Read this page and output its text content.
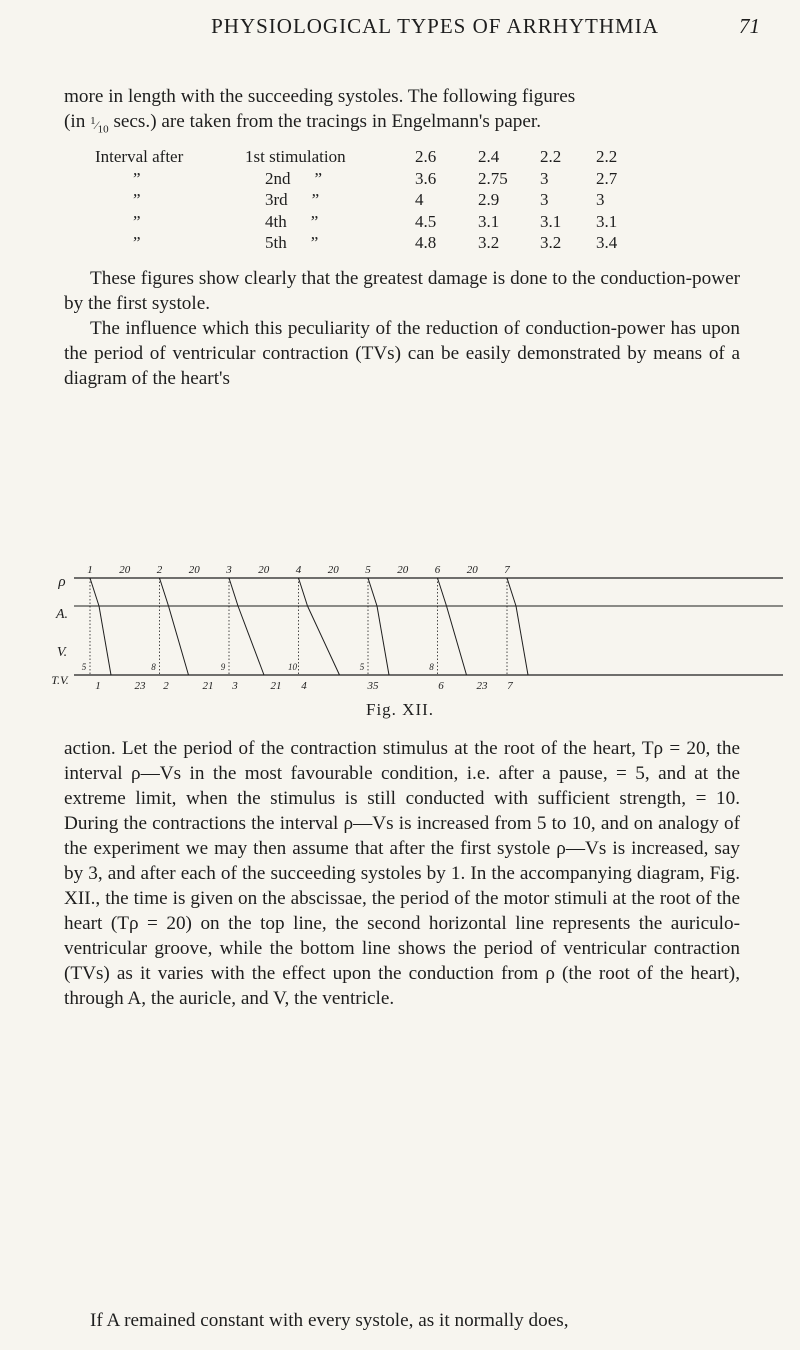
PHYSIOLOGICAL TYPES OF ARRHYTHMIA	71

more in length with the succeeding systoles. The following figures

(in $^1⁄_{10}$ secs.) are taken from the tracings in Engelmann's paper.

Interval after	1st stimulation	2.6	2.4	2.2	2.2
”	2nd ”	3.6	2.75	3	2.7
”	3rd ”	4	2.9	3	3
”	4th ”	4.5	3.1	3.1	3.1
”	5th ”	4.8	3.2	3.2	3.4

These figures show clearly that the greatest damage is done to the conduction-power by the first systole.

The influence which this peculiarity of the reduction of conduction-power has upon the period of ventricular contraction (TVs) can be easily demonstrated by means of a diagram of the heart's

ρ
A.
V.
T.V.
1 20 2 20 3 20 4 20 5 20 6 20 7
5	8	9	10	5	8
1	23 2	21 3	21 4	35	6	23 7
Fig. XII.

action. Let the period of the contraction stimulus at the root of the heart, Tρ = 20, the interval ρ—Vs in the most favourable condition, i.e. after a pause, = 5, and at the extreme limit, when the stimulus is still conducted with sufficient strength, = 10. During the contractions the interval ρ—Vs is increased from 5 to 10, and on analogy of the experiment we may then assume that after the first systole ρ—Vs is increased, say by 3, and after each of the succeeding systoles by 1. In the accompanying diagram, Fig. XII., the time is given on the abscissae, the period of the motor stimuli at the root of the heart (Tρ = 20) on the top line, the second horizontal line represents the auriculo-ventricular groove, while the bottom line shows the period of ventricular contraction (TVs) as it varies with the effect upon the conduction from ρ (the root of the heart), through A, the auricle, and V, the ventricle.

If A remained constant with every systole, as it normally does,
